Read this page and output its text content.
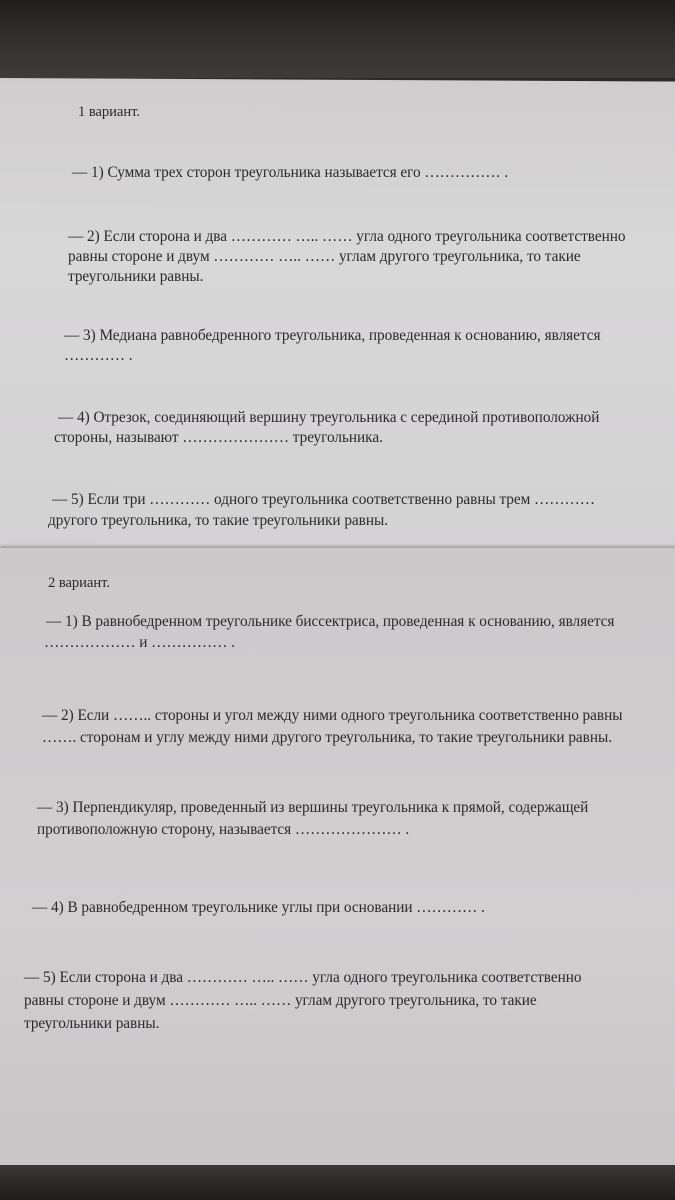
1 вариант.
— 1) Сумма трех сторон треугольника называется его …………… .
— 2) Если сторона и два ………… ….. …… угла одного треугольника соответственно
равны стороне и двум ………… ….. …… углам другого треугольника, то такие
треугольники равны.
— 3) Медиана равнобедренного треугольника, проведенная к основанию, является
………… .
— 4) Отрезок, соединяющий вершину треугольника с серединой противоположной
стороны, называют ………………… треугольника.
— 5) Если три ………… одного треугольника соответственно равны трем …………
другого треугольника, то такие треугольники равны.
2 вариант.
— 1) В равнобедренном треугольнике биссектриса, проведенная к основанию, является
……………… и …………… .
— 2) Если …….. стороны и угол между ними одного треугольника соответственно равны
……. сторонам и углу между ними другого треугольника, то такие треугольники равны.
— 3) Перпендикуляр, проведенный из вершины треугольника к прямой, содержащей
противоположную сторону, называется ………………… .
— 4) В равнобедренном треугольнике углы при основании ………… .
— 5) Если сторона и два ………… ….. …… угла одного треугольника соответственно
равны стороне и двум ………… ….. …… углам другого треугольника, то такие
треугольники равны.
